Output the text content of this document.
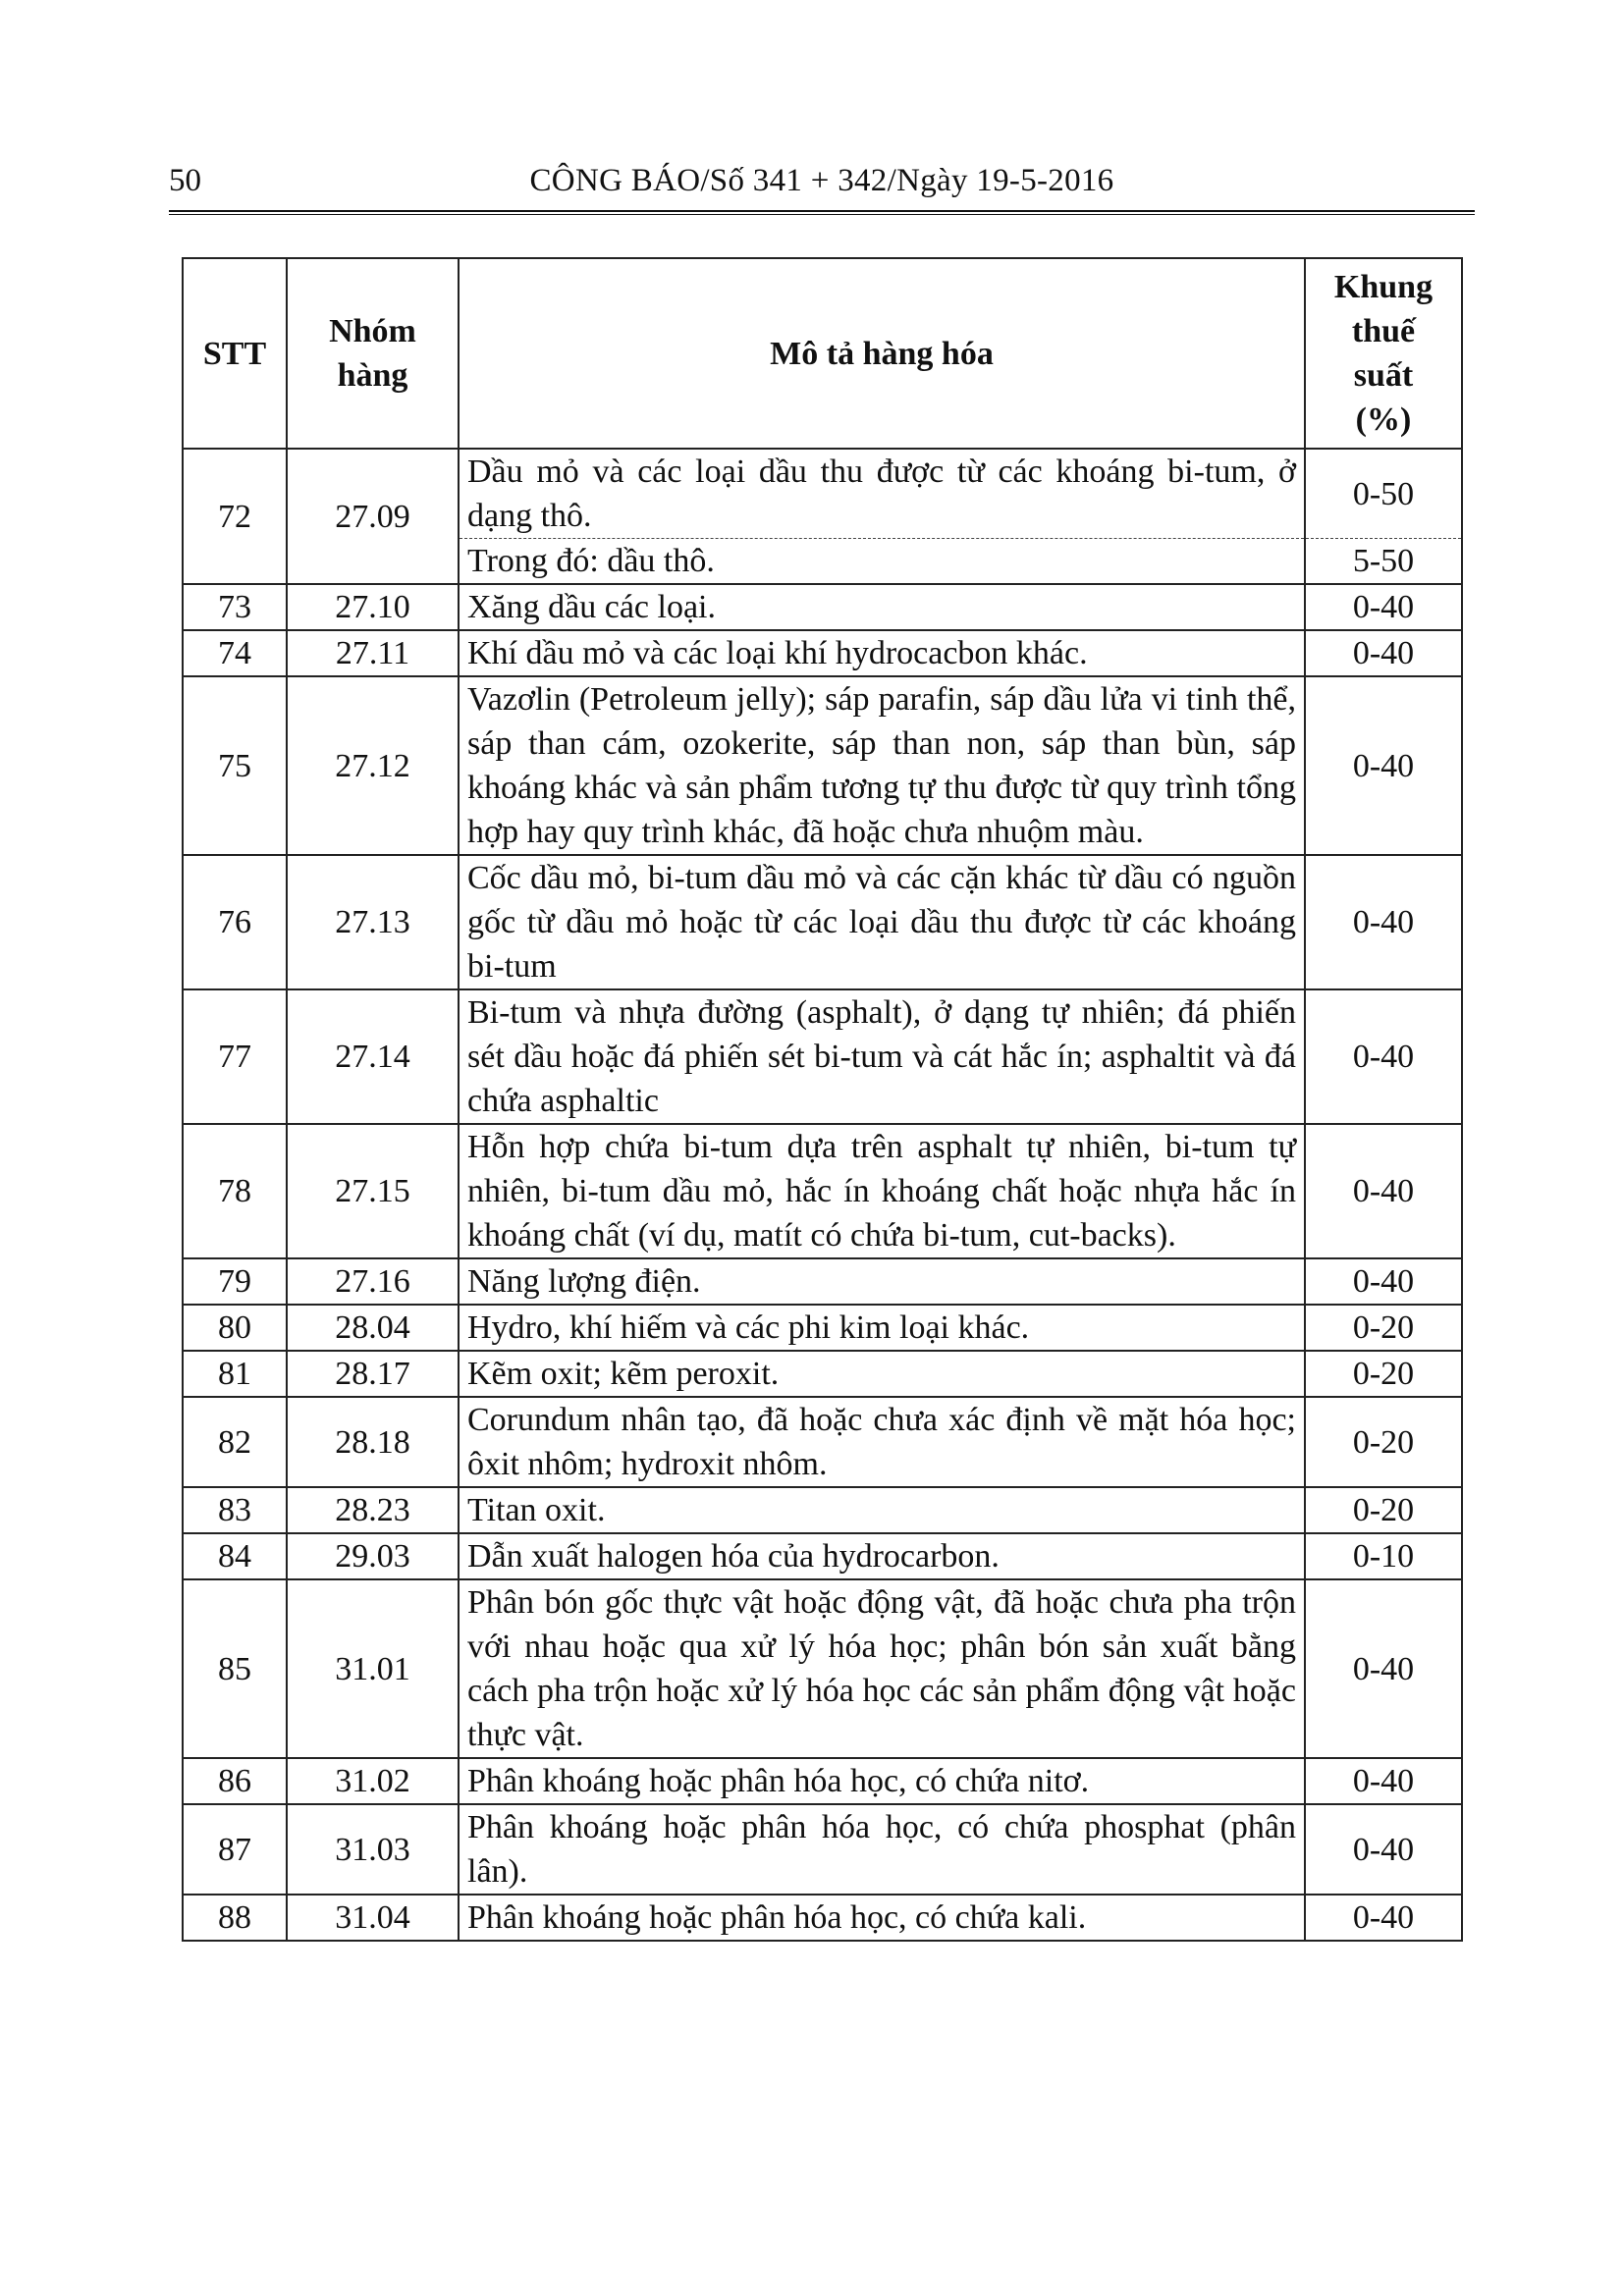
50	CÔNG BÁO/Số 341 + 342/Ngày 19-5-2016
STT	Nhóm hàng	Mô tả hàng hóa	Khung thuế suất (%)
72	27.09	Dầu mỏ và các loại dầu thu được từ các khoáng bi-tum, ở dạng thô.	0-50
		Trong đó: dầu thô.	5-50
73	27.10	Xăng dầu các loại.	0-40
74	27.11	Khí dầu mỏ và các loại khí hydrocacbon khác.	0-40
75	27.12	Vazơlin (Petroleum jelly); sáp parafin, sáp dầu lửa vi tinh thể, sáp than cám, ozokerite, sáp than non, sáp than bùn, sáp khoáng khác và sản phẩm tương tự thu được từ quy trình tổng hợp hay quy trình khác, đã hoặc chưa nhuộm màu.	0-40
76	27.13	Cốc dầu mỏ, bi-tum dầu mỏ và các cặn khác từ dầu có nguồn gốc từ dầu mỏ hoặc từ các loại dầu thu được từ các khoáng bi-tum	0-40
77	27.14	Bi-tum và nhựa đường (asphalt), ở dạng tự nhiên; đá phiến sét dầu hoặc đá phiến sét bi-tum và cát hắc ín; asphaltit và đá chứa asphaltic	0-40
78	27.15	Hỗn hợp chứa bi-tum dựa trên asphalt tự nhiên, bi-tum tự nhiên, bi-tum dầu mỏ, hắc ín khoáng chất hoặc nhựa hắc ín khoáng chất (ví dụ, matít có chứa bi-tum, cut-backs).	0-40
79	27.16	Năng lượng điện.	0-40
80	28.04	Hydro, khí hiếm và các phi kim loại khác.	0-20
81	28.17	Kẽm oxit; kẽm peroxit.	0-20
82	28.18	Corundum nhân tạo, đã hoặc chưa xác định về mặt hóa học; ôxit nhôm; hydroxit nhôm.	0-20
83	28.23	Titan oxit.	0-20
84	29.03	Dẫn xuất halogen hóa của hydrocarbon.	0-10
85	31.01	Phân bón gốc thực vật hoặc động vật, đã hoặc chưa pha trộn với nhau hoặc qua xử lý hóa học; phân bón sản xuất bằng cách pha trộn hoặc xử lý hóa học các sản phẩm động vật hoặc thực vật.	0-40
86	31.02	Phân khoáng hoặc phân hóa học, có chứa nitơ.	0-40
87	31.03	Phân khoáng hoặc phân hóa học, có chứa phosphat (phân lân).	0-40
88	31.04	Phân khoáng hoặc phân hóa học, có chứa kali.	0-40
